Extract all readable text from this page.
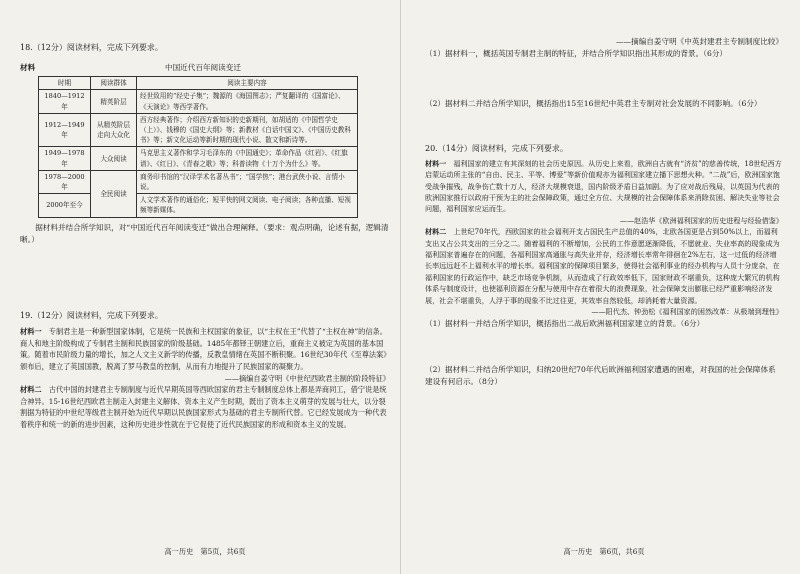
18.（12分）阅读材料，完成下列要求。

材料	中国近代百年阅读变迁
时期	阅读群体	阅读主要内容
1840—1912年	精英阶层	经世致用的“经史子集”；魏源的《海国图志》；严复翻译的《国富论》、《天演论》等西学著作。
1912—1949年	从精英阶层走向大众化	西方经典著作；介绍西方新知识的史新期刊，如胡适的《中国哲学史（上）》、钱穆的《国史大纲》等；新教材《白话中国文》、《中国历史教科书》等；新文化运动等新时期的现代小说、散文和新诗等。
1949—1978年	大众阅读	马克思主义著作和学习毛泽东的《中国通史》；革命作品《红岩》、《红旗谱》、《红日》、《青春之歌》等；科普读物《十万个为什么》等。
1978—2000年	全民阅读	商务印书馆的“汉译学术名著丛书”；“国学热”；港台武侠小说、言情小说。
2000年至今		人文学术著作的通俗化；短平快的网文阅读、电子阅读；各种直播、短视频等新媒体。

据材料并结合所学知识，对“中国近代百年阅读变迁”做出合理阐释。（要求：观点明确，论述有据，逻辑清晰。）

19.（12分）阅读材料，完成下列要求。

材料一　 专制君主是一种新型国家体制，它是统一民族和主权国家的象征，以“主权在王”代替了“主权在神”的信条。商人和地主阶级构成了专制君主制和民族国家的阶级基础。1485年都铎王朝建立后，重商主义被定为英国的基本国策。随着市民阶级力量的增长，加之人文主义新学的传播，反教皇情绪在英国不断积聚。16世纪30年代《至尊法案》颁布后，建立了英国国教，脱离了罗马教皇的控制，从而有力地提升了民族国家的凝聚力。

——摘编自姜守明《中世纪西欧君主制的阶段特征》

材料二　 古代中国的封建君主专制制度与近代早期英国等西欧国家的君主专制制度总体上都是弄商同工，借宁说是统合神异。15-16世纪西欧君主制走入封建主义解体、资本主义产生时期，既出了资本主义萌芽的发展与壮大，以分裂割据为特征的中世纪等级君主制开始为近代早期以民族国家形式为基础的君主专制所代替。它已经发展成为一种代表着秩序和统一的新的进步因素，这种历史进步性就在于它促使了近代民族国家的形成和资本主义的发展。

高一历史　第5页，共6页

——摘编自姜守明《中英封建君主专制制度比较》

（1）据材料一，概括英国专制君主制的特征，并结合所学知识指出其形成的背景。（6分）

（2）据材料二并结合所学知识，概括指出15至16世纪中英君主专制对社会发展的不同影响。（6分）

20.（14分）阅读材料，完成下列要求。

材料一　 福利国家的建立有其深刻的社会历史原因。从历史上来看，欧洲自古就有“济贫”的慈善传统，18世纪西方启蒙运动所主张的“自由、民主、平等、博爱”等新价值观亦为福利国家建立播下思想火种。“二战”后，欧洲国家饱受战争摧残，战争伤亡数十万人，经济大规模衰退，国内阶级矛盾日益加剧。为了应对战后残局，以英国为代表的欧洲国家推行以政府干预为主的社会保障政策，通过全方位、大规模的社会保障体系来消除贫困、解决失业等社会问题，福利国家应运而生。

——赵浩华《欧洲福利国家的历史进程与经验借鉴》

材料二　 上世纪70年代，西欧国家的社会福利开支占国民生产总值的40%，北欧各国更是占到50%以上，而福利支出又占公共支出的三分之二。随着福利的不断增加，公民的工作意愿逐渐降低，不愿就业、失业率高的现象成为福利国家普遍存在的问题，各福利国家高通胀与高失业并存，经济增长率常年徘徊在2%左右，这一过低的经济增长率远远赶不上福利水平的增长率。福利国家的保障项目繁多，使得社会福利事业的经办机构与人员十分庞杂，在福利国家的行政运作中，缺乏市场竞争机制，从而造成了行政效率低下，国家财政不堪重负，这种庞大繁冗的机构体系与制度设计，也使福利资源在分配与使用中存在着很大的浪费现象，社会保障支出膨胀已经严重影响经济发展，社会不堪重负，人浮于事的现象不比过往更，其效率自然较低，却消耗着大量资源。

——阳代杰、钟劲松《福利国家的困然改革：从极端到理性》

（1）据材料一并结合所学知识，概括指出二战后欧洲福利国家建立的背景。（6分）

（2）据材料二并结合所学知识，归纳20世纪70年代后欧洲福利国家遭遇的困难，对我国的社会保障体系建设有何启示。（8分）

高一历史　第6页，共6页
